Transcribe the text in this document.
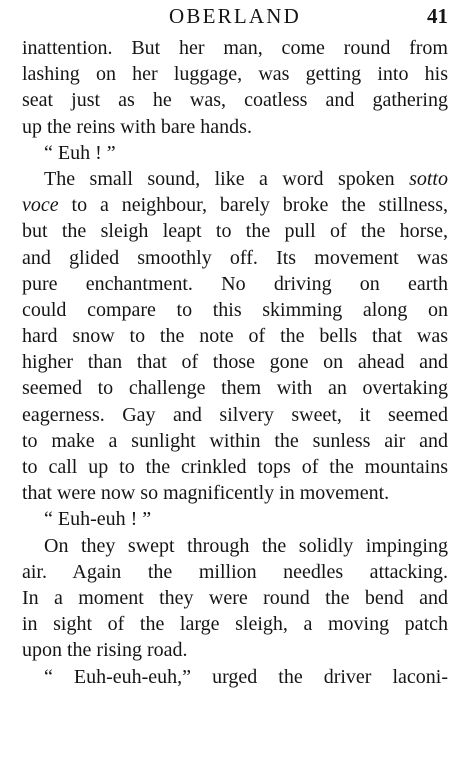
OBERLAND	41
inattention. But her man, come round from
lashing on her luggage, was getting into his
seat just as he was, coatless and gathering
up the reins with bare hands.
“ Euh ! ”
The small sound, like a word spoken sotto
voce to a neighbour, barely broke the stillness,
but the sleigh leapt to the pull of the horse,
and glided smoothly off. Its movement was
pure enchantment. No driving on earth
could compare to this skimming along on
hard snow to the note of the bells that was
higher than that of those gone on ahead and
seemed to challenge them with an overtaking
eagerness. Gay and silvery sweet, it seemed
to make a sunlight within the sunless air and
to call up to the crinkled tops of the mountains
that were now so magnificently in movement.
“ Euh-euh ! ”
On they swept through the solidly impinging
air. Again the million needles attacking.
In a moment they were round the bend and
in sight of the large sleigh, a moving patch
upon the rising road.
“ Euh-euh-euh,” urged the driver laconi-
